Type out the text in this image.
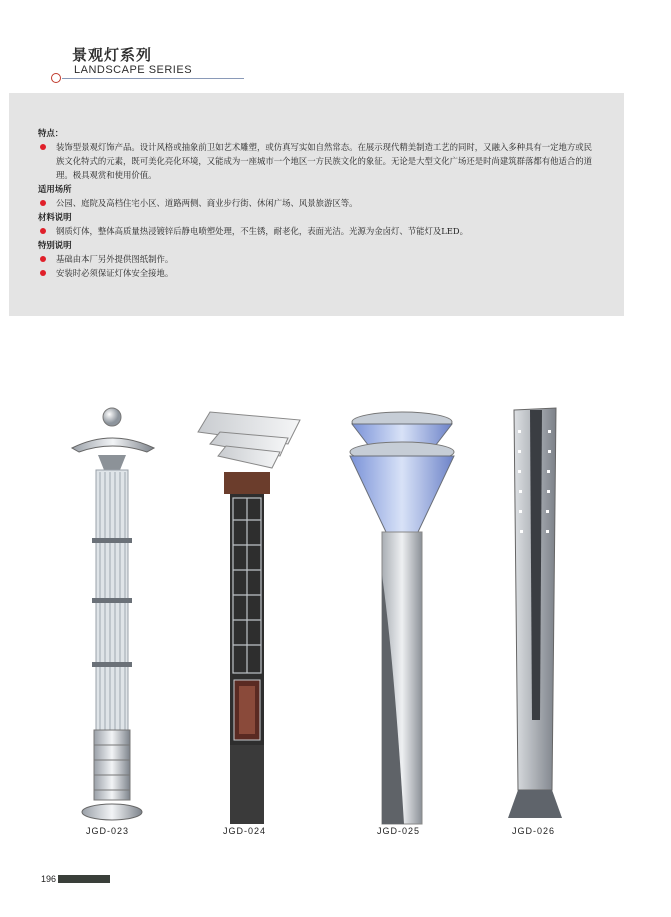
景观灯系列
LANDSCAPE SERIES
特点：
装饰型景观灯饰产品。设计风格或抽象前卫如艺术雕塑，或仿真写实如自然常态。在展示现代精美制造工艺的同时，又融入多种具有一定地方或民族文化特式的元素，既可美化亮化环境，又能成为一座城市一个地区一方民族文化的象征。无论是大型文化广场还是时尚建筑群落都有他适合的道理。极具观赏和使用价值。
适用场所
公园、庭院及高档住宅小区、道路两侧、商业步行街、休闲广场、风景旅游区等。
材料说明
钢质灯体，整体高质量热浸镀锌后静电喷塑处理，不生锈，耐老化，表面光洁。光源为金卤灯、节能灯及LED。
特别说明
基础由本厂另外提供图纸制作。
安装时必须保证灯体安全接地。
JGD-023	JGD-024	JGD-025	JGD-026
196
